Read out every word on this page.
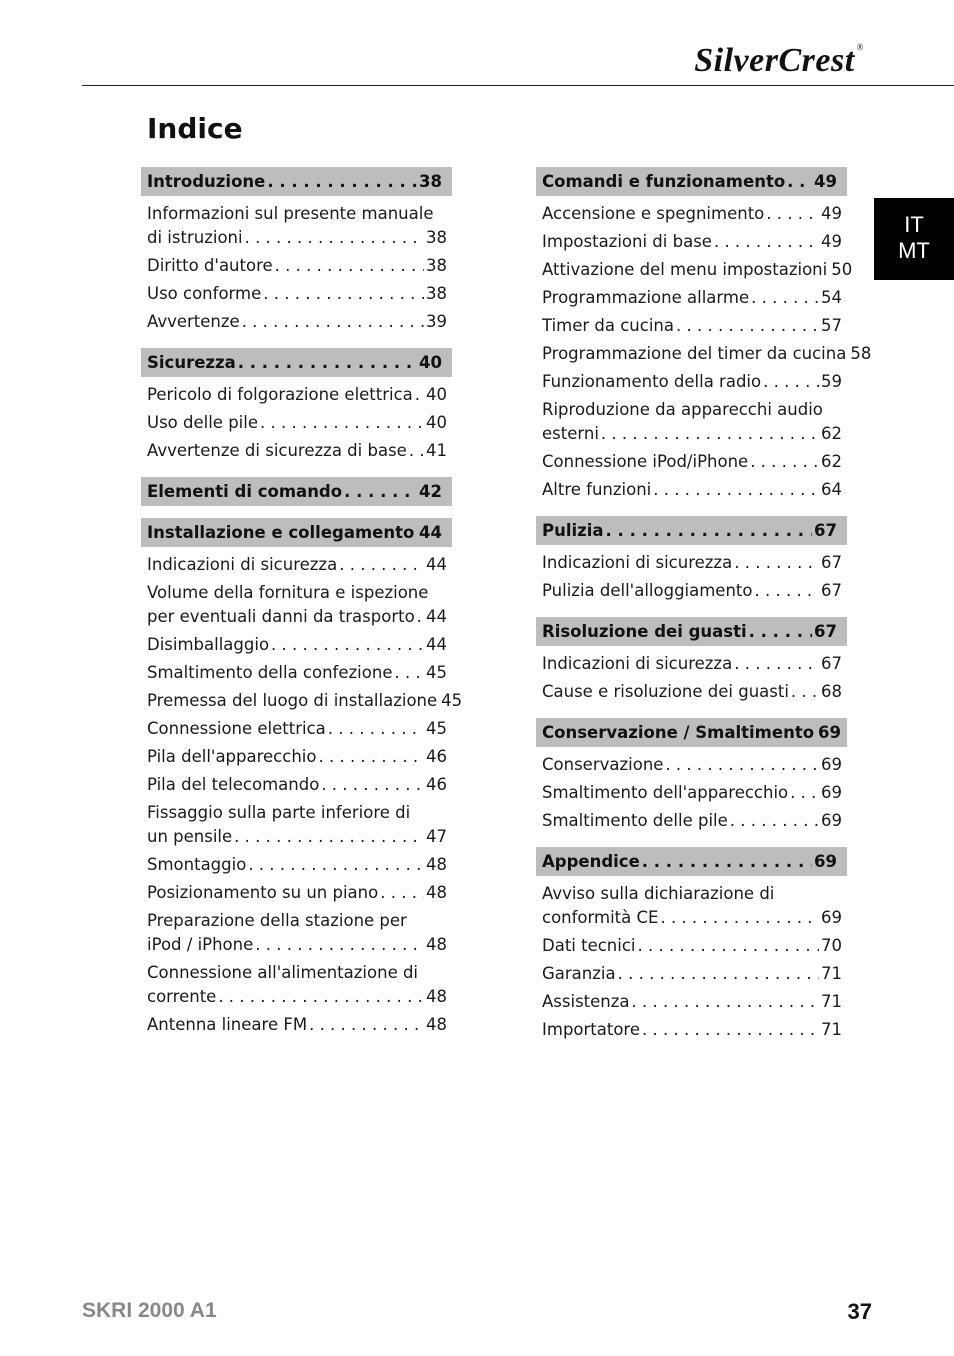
SilverCrest ®
Indice
IT
MT
Introduzione . . .	38
Informazioni sul presente manuale
di istruzioni . . .	38
Diritto d'autore . . .	38
Uso conforme . . .	38
Avvertenze . . .	39
Sicurezza . . .	40
Pericolo di folgorazione elettrica . . . 40
Uso delle pile . . .	40
Avvertenze di sicurezza di base . . . 41
Elementi di comando . . .	42
Installazione e collegamento . . . 44
Indicazioni di sicurezza . . .	44
Volume della fornitura e ispezione
per eventuali danni da trasporto . . . 44
Disimballaggio . . .	44
Smaltimento della confezione . . . 45
Premessa del luogo di installazione 45
Connessione elettrica . . .	45
Pila dell'apparecchio . . .	46
Pila del telecomando . . .	46
Fissaggio sulla parte inferiore di
un pensile . . .	47
Smontaggio . . .	48
Posizionamento su un piano . . .	48
Preparazione della stazione per
iPod / iPhone . . .	48
Connessione all'alimentazione di
corrente . . .	48
Antenna lineare FM . . .	48
Comandi e funzionamento . . . 49
Accensione e spegnimento . . .	49
Impostazioni di base . . .	49
Attivazione del menu impostazioni 50
Programmazione allarme . . .	54
Timer da cucina . . .	57
Programmazione del timer da cucina 58
Funzionamento della radio . . .	59
Riproduzione da apparecchi audio
esterni . . .	62
Connessione iPod/iPhone . . .	62
Altre funzioni . . .	64
Pulizia . . .	67
Indicazioni di sicurezza . . .	67
Pulizia dell'alloggiamento . . .	67
Risoluzione dei guasti . . .	67
Indicazioni di sicurezza . . .	67
Cause e risoluzione dei guasti . . . 68
Conservazione / Smaltimento 69
Conservazione . . .	69
Smaltimento dell'apparecchio . . . 69
Smaltimento delle pile . . .	69
Appendice . . .	69
Avviso sulla dichiarazione di
conformità CE . . .	69
Dati tecnici . . .	70
Garanzia . . .	71
Assistenza . . .	71
Importatore . . .	71
SKRI 2000 A1	37
